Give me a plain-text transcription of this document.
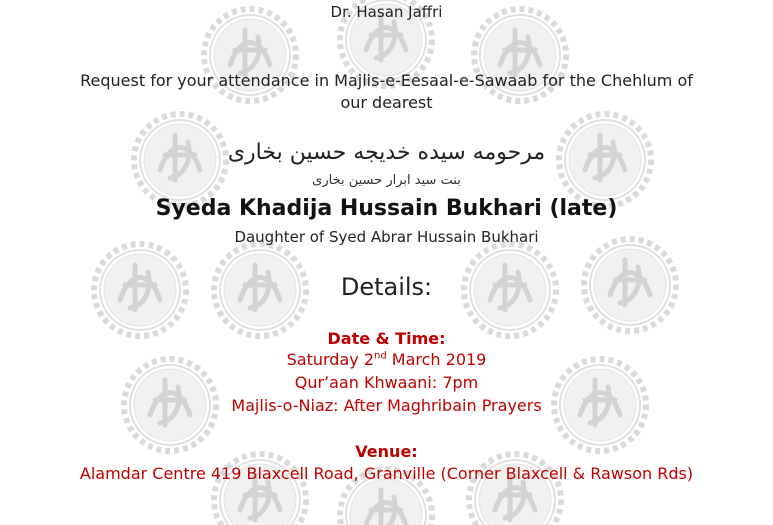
Dr. Hasan Jaffri
Request for your attendance in Majlis-e-Eesaal-e-Sawaab for the Chehlum of
our dearest
مرحومه سیده خدیجه حسین بخاری
بنت سید ابرار حسین بخاری
Syeda Khadija Hussain Bukhari (late)
Daughter of Syed Abrar Hussain Bukhari
Details:
Date & Time:
Saturday 2nd March 2019
Qur’aan Khwaani: 7pm
Majlis-o-Niaz: After Maghribain Prayers
Venue:
Alamdar Centre 419 Blaxcell Road, Granville (Corner Blaxcell & Rawson Rds)
